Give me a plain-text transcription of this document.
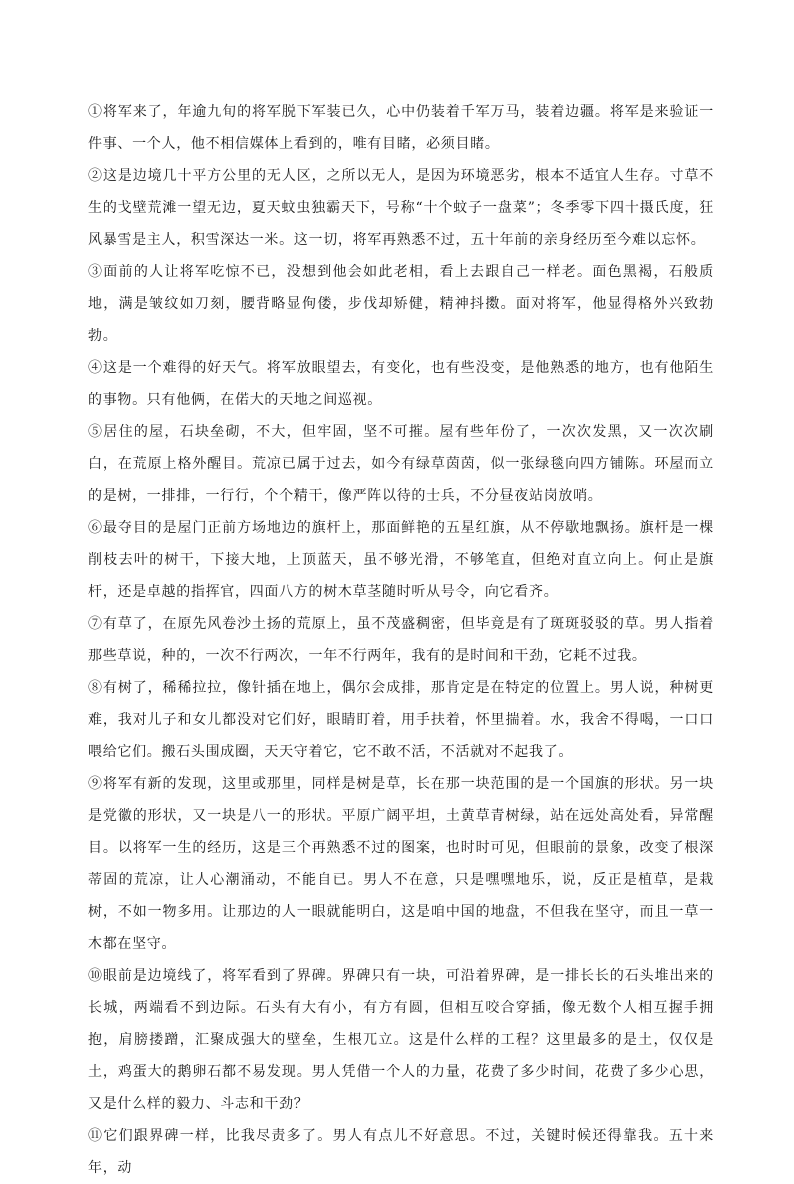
①将军来了，年逾九旬的将军脱下军装已久，心中仍装着千军万马，装着边疆。将军是来验证一件事、一个人，他不相信媒体上看到的，唯有目睹，必须目睹。

②这是边境几十平方公里的无人区，之所以无人，是因为环境恶劣，根本不适宜人生存。寸草不生的戈壁荒滩一望无边，夏天蚊虫独霸天下，号称“十个蚊子一盘菜”；冬季零下四十摄氏度，狂风暴雪是主人，积雪深达一米。这一切，将军再熟悉不过，五十年前的亲身经历至今难以忘怀。

③面前的人让将军吃惊不已，没想到他会如此老相，看上去跟自己一样老。面色黑褐，石般质地，满是皱纹如刀刻，腰背略显佝偻，步伐却矫健，精神抖擞。面对将军，他显得格外兴致勃勃。

④这是一个难得的好天气。将军放眼望去，有变化，也有些没变，是他熟悉的地方，也有他陌生的事物。只有他俩，在偌大的天地之间巡视。

⑤居住的屋，石块垒砌，不大，但牢固，坚不可摧。屋有些年份了，一次次发黑，又一次次刷白，在荒原上格外醒目。荒凉已属于过去，如今有绿草茵茵，似一张绿毯向四方铺陈。环屋而立的是树，一排排，一行行，个个精干，像严阵以待的士兵，不分昼夜站岗放哨。

⑥最夺目的是屋门正前方场地边的旗杆上，那面鲜艳的五星红旗，从不停歇地飘扬。旗杆是一棵削枝去叶的树干，下接大地，上顶蓝天，虽不够光滑，不够笔直，但绝对直立向上。何止是旗杆，还是卓越的指挥官，四面八方的树木草茎随时听从号令，向它看齐。

⑦有草了，在原先风卷沙土扬的荒原上，虽不茂盛稠密，但毕竟是有了斑斑驳驳的草。男人指着那些草说，种的，一次不行两次，一年不行两年，我有的是时间和干劲，它耗不过我。

⑧有树了，稀稀拉拉，像针插在地上，偶尔会成排，那肯定是在特定的位置上。男人说，种树更难，我对儿子和女儿都没对它们好，眼睛盯着，用手扶着，怀里揣着。水，我舍不得喝，一口口喂给它们。搬石头围成圈，天天守着它，它不敢不活，不活就对不起我了。

⑨将军有新的发现，这里或那里，同样是树是草，长在那一块范围的是一个国旗的形状。另一块是党徽的形状，又一块是八一的形状。平原广阔平坦，土黄草青树绿，站在远处高处看，异常醒目。以将军一生的经历，这是三个再熟悉不过的图案，也时时可见，但眼前的景象，改变了根深蒂固的荒凉，让人心潮涌动，不能自已。男人不在意，只是嘿嘿地乐，说，反正是植草，是栽树，不如一物多用。让那边的人一眼就能明白，这是咱中国的地盘，不但我在坚守，而且一草一木都在坚守。

⑩眼前是边境线了，将军看到了界碑。界碑只有一块，可沿着界碑，是一排长长的石头堆出来的长城，两端看不到边际。石头有大有小，有方有圆，但相互咬合穿插，像无数个人相互握手拥抱，肩膀搂蹭，汇聚成强大的壁垒，生根兀立。这是什么样的工程？这里最多的是土，仅仅是土，鸡蛋大的鹅卵石都不易发现。男人凭借一个人的力量，花费了多少时间，花费了多少心思，又是什么样的毅力、斗志和干劲？

⑪它们跟界碑一样，比我尽责多了。男人有点儿不好意思。不过，关键时候还得靠我。五十来年，动
